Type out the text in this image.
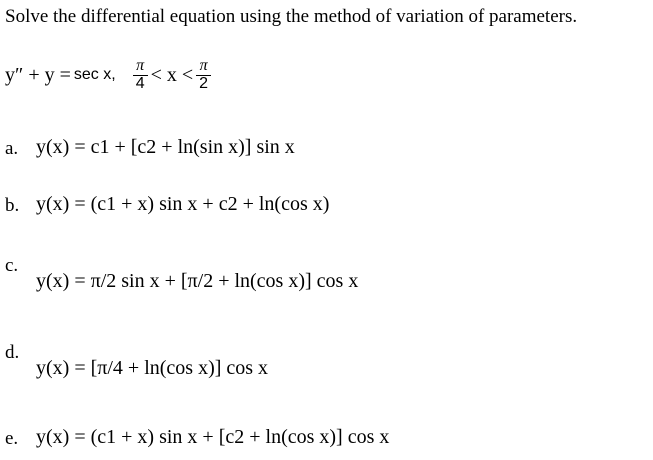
Solve the differential equation using the method of variation of parameters.
y″ + y = sec x, $\frac{\pi}{4} < x < \frac{\pi}{2}$
a. y(x) = c1 + [c2 + ln(sin x)] sin x
b. y(x) = (c1 + x) sin x + c2 + ln(cos x)
c.
y(x) = π/2 sin x + [π/2 + ln(cos x)] cos x
d.
y(x) = [π/4 + ln(cos x)] cos x
e. y(x) = (c1 + x) sin x + [c2 + ln(cos x)] cos x
